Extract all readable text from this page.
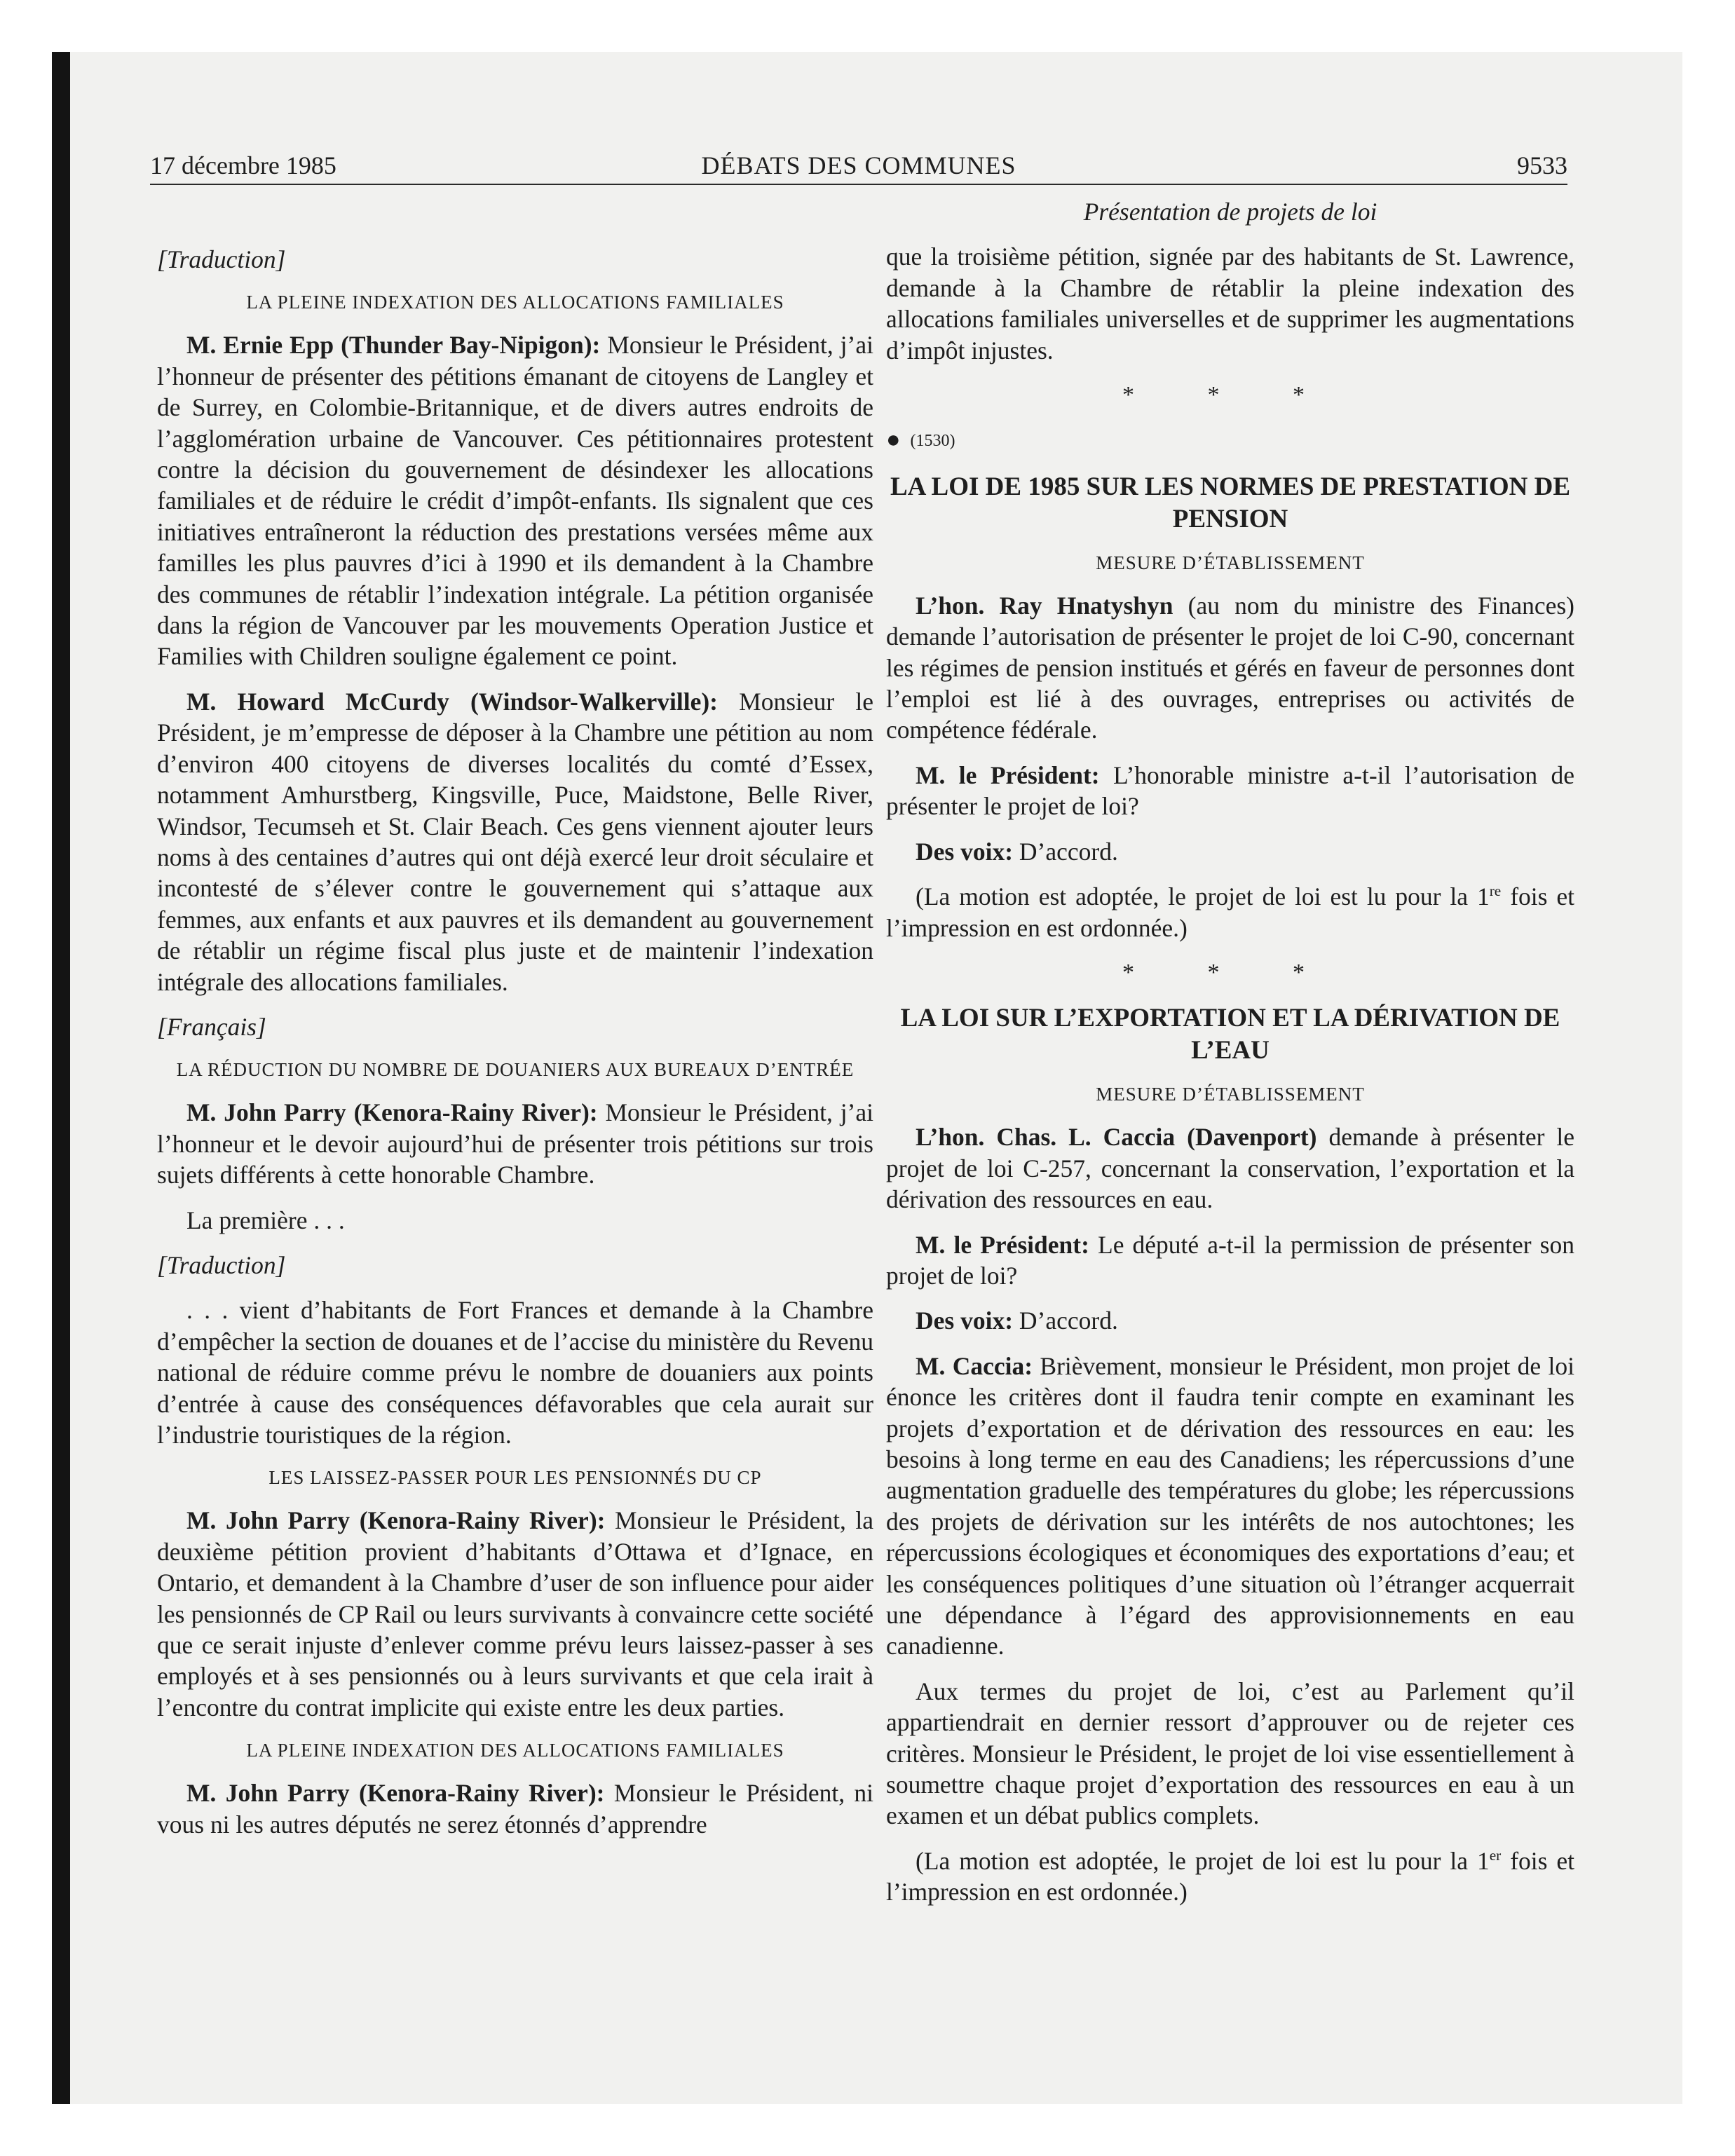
17 décembre 1985	DÉBATS DES COMMUNES	9533

[Traduction]

LA PLEINE INDEXATION DES ALLOCATIONS FAMILIALES

M. Ernie Epp (Thunder Bay-Nipigon): Monsieur le Président, j’ai l’honneur de présenter des pétitions émanant de citoyens de Langley et de Surrey, en Colombie-Britannique, et de divers autres endroits de l’agglomération urbaine de Vancouver. Ces pétitionnaires protestent contre la décision du gouvernement de désindexer les allocations familiales et de réduire le crédit d’impôt-enfants. Ils signalent que ces initiatives entraîneront la réduction des prestations versées même aux familles les plus pauvres d’ici à 1990 et ils demandent à la Chambre des communes de rétablir l’indexation intégrale. La pétition organisée dans la région de Vancouver par les mouvements Operation Justice et Families with Children souligne également ce point.

M. Howard McCurdy (Windsor-Walkerville): Monsieur le Président, je m’empresse de déposer à la Chambre une pétition au nom d’environ 400 citoyens de diverses localités du comté d’Essex, notamment Amhurstberg, Kingsville, Puce, Maidstone, Belle River, Windsor, Tecumseh et St. Clair Beach. Ces gens viennent ajouter leurs noms à des centaines d’autres qui ont déjà exercé leur droit séculaire et incontesté de s’élever contre le gouvernement qui s’attaque aux femmes, aux enfants et aux pauvres et ils demandent au gouvernement de rétablir un régime fiscal plus juste et de maintenir l’indexation intégrale des allocations familiales.

[Français]

LA RÉDUCTION DU NOMBRE DE DOUANIERS AUX BUREAUX D’ENTRÉE

M. John Parry (Kenora-Rainy River): Monsieur le Président, j’ai l’honneur et le devoir aujourd’hui de présenter trois pétitions sur trois sujets différents à cette honorable Chambre.

La première . . .

[Traduction]

. . . vient d’habitants de Fort Frances et demande à la Chambre d’empêcher la section de douanes et de l’accise du ministère du Revenu national de réduire comme prévu le nombre de douaniers aux points d’entrée à cause des conséquences défavorables que cela aurait sur l’industrie touristiques de la région.

LES LAISSEZ-PASSER POUR LES PENSIONNÉS DU CP

M. John Parry (Kenora-Rainy River): Monsieur le Président, la deuxième pétition provient d’habitants d’Ottawa et d’Ignace, en Ontario, et demandent à la Chambre d’user de son influence pour aider les pensionnés de CP Rail ou leurs survivants à convaincre cette société que ce serait injuste d’enlever comme prévu leurs laissez-passer à ses employés et à ses pensionnés ou à leurs survivants et que cela irait à l’encontre du contrat implicite qui existe entre les deux parties.

LA PLEINE INDEXATION DES ALLOCATIONS FAMILIALES

M. John Parry (Kenora-Rainy River): Monsieur le Président, ni vous ni les autres députés ne serez étonnés d’apprendre

Présentation de projets de loi

que la troisième pétition, signée par des habitants de St. Lawrence, demande à la Chambre de rétablir la pleine indexation des allocations familiales universelles et de supprimer les augmentations d’impôt injustes.

* * *

● (1530)

LA LOI DE 1985 SUR LES NORMES DE PRESTATION DE PENSION

MESURE D’ÉTABLISSEMENT

L’hon. Ray Hnatyshyn (au nom du ministre des Finances) demande l’autorisation de présenter le projet de loi C-90, concernant les régimes de pension institués et gérés en faveur de personnes dont l’emploi est lié à des ouvrages, entreprises ou activités de compétence fédérale.

M. le Président: L’honorable ministre a-t-il l’autorisation de présenter le projet de loi?

Des voix: D’accord.

(La motion est adoptée, le projet de loi est lu pour la 1re fois et l’impression en est ordonnée.)

* * *

LA LOI SUR L’EXPORTATION ET LA DÉRIVATION DE L’EAU

MESURE D’ÉTABLISSEMENT

L’hon. Chas. L. Caccia (Davenport) demande à présenter le projet de loi C-257, concernant la conservation, l’exportation et la dérivation des ressources en eau.

M. le Président: Le député a-t-il la permission de présenter son projet de loi?

Des voix: D’accord.

M. Caccia: Brièvement, monsieur le Président, mon projet de loi énonce les critères dont il faudra tenir compte en examinant les projets d’exportation et de dérivation des ressources en eau: les besoins à long terme en eau des Canadiens; les répercussions d’une augmentation graduelle des températures du globe; les répercussions des projets de dérivation sur les intérêts de nos autochtones; les répercussions écologiques et économiques des exportations d’eau; et les conséquences politiques d’une situation où l’étranger acquerrait une dépendance à l’égard des approvisionnements en eau canadienne.

Aux termes du projet de loi, c’est au Parlement qu’il appartiendrait en dernier ressort d’approuver ou de rejeter ces critères. Monsieur le Président, le projet de loi vise essentiellement à soumettre chaque projet d’exportation des ressources en eau à un examen et un débat publics complets.

(La motion est adoptée, le projet de loi est lu pour la 1er fois et l’impression en est ordonnée.)
